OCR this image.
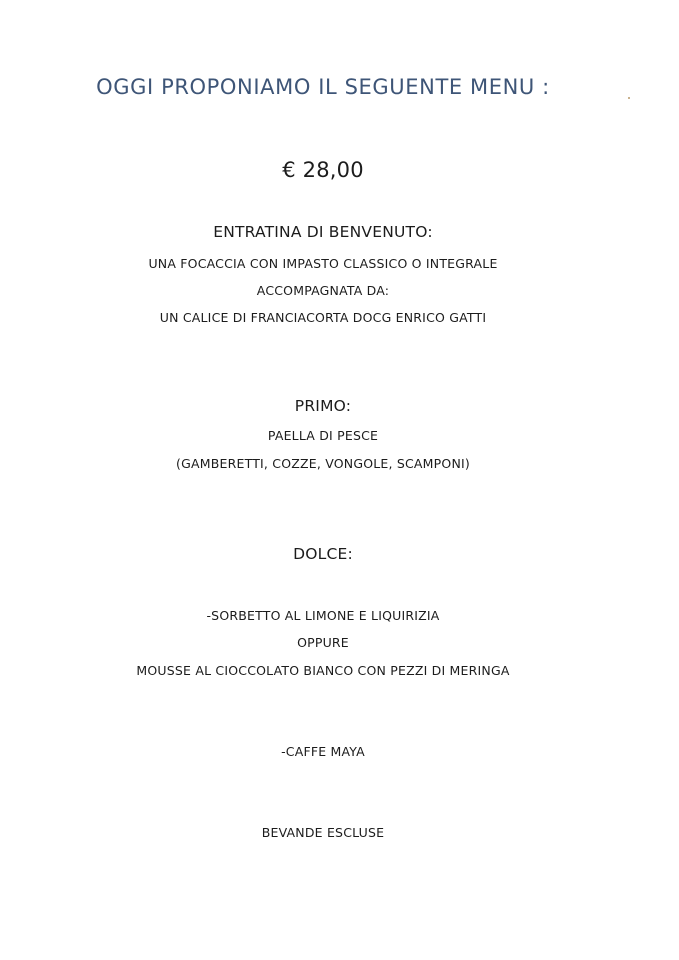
OGGI PROPONIAMO IL SEGUENTE MENU :
€ 28,00
ENTRATINA DI BENVENUTO:
UNA FOCACCIA CON IMPASTO CLASSICO O INTEGRALE
ACCOMPAGNATA DA:
UN CALICE DI FRANCIACORTA DOCG ENRICO GATTI
PRIMO:
PAELLA DI PESCE
(GAMBERETTI, COZZE, VONGOLE, SCAMPONI)
DOLCE:
-SORBETTO AL LIMONE E LIQUIRIZIA
OPPURE
MOUSSE AL CIOCCOLATO BIANCO CON PEZZI DI MERINGA
-CAFFE MAYA
BEVANDE ESCLUSE
